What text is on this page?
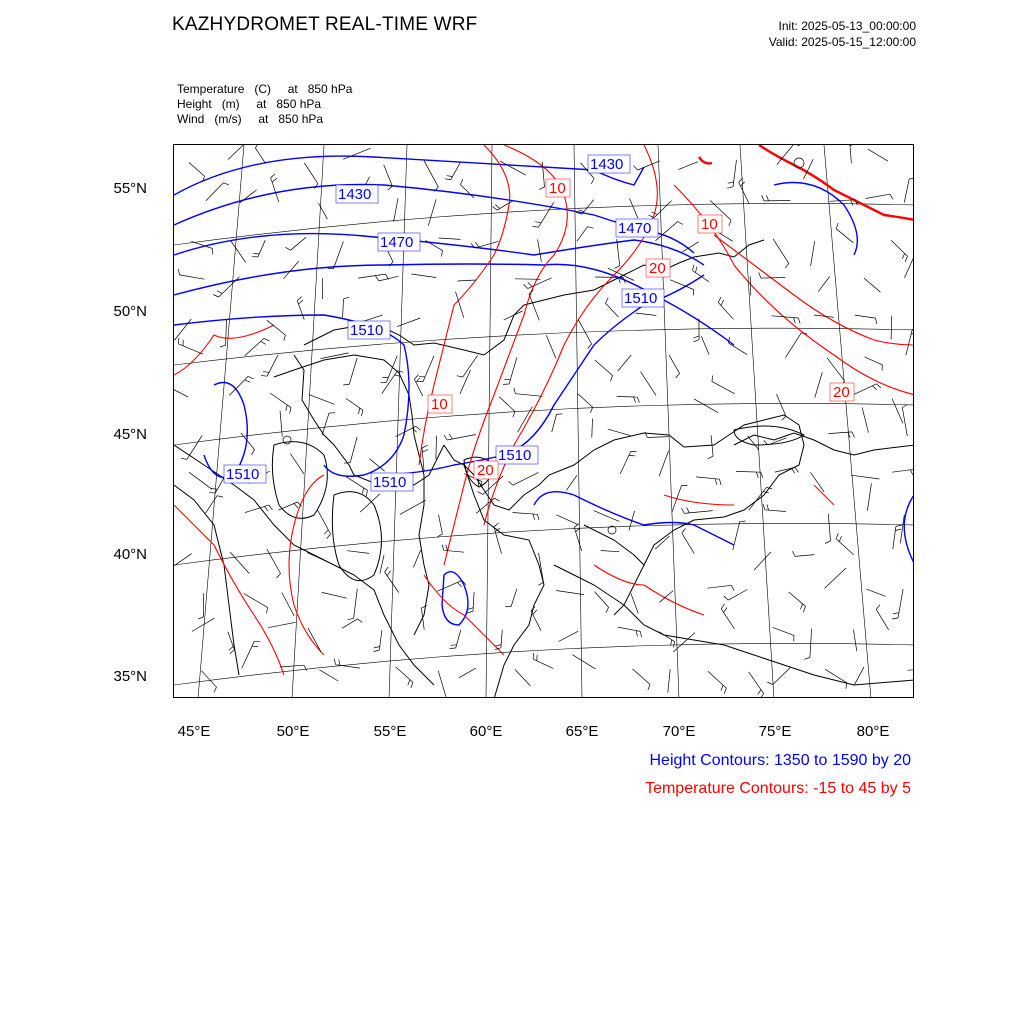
KAZHYDROMET REAL-TIME WRF	Init: 2025-05-13_00:00:00
Valid: 2025-05-15_12:00:00
Temperature   (C)     at   850 hPa
Height   (m)     at   850 hPa
Wind   (m/s)     at   850 hPa
1430
1430
1470
1470
1510
1510
1510	1510
1510
10
10
10
20
20
20
55°N
50°N
45°N
40°N
35°N
45°E	50°E	55°E	60°E	65°E	70°E	75°E	80°E
Height Contours: 1350 to 1590 by 20
Temperature Contours: -15 to 45 by 5
